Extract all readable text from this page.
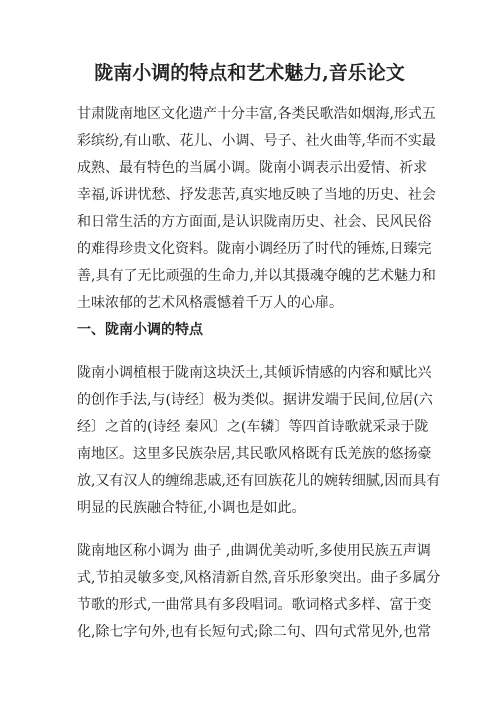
陇南小调的特点和艺术魅力,音乐论文

甘肃陇南地区文化遗产十分丰富,各类民歌浩如烟海,形式五
彩缤纷,有山歌、花儿、小调、号子、社火曲等,华而不实最
成熟、最有特色的当属小调。陇南小调表示出爱情、祈求
幸福,诉讲忧愁、抒发悲苦,真实地反映了当地的历史、社会
和日常生活的方方面面,是认识陇南历史、社会、民风民俗
的难得珍贵文化资料。陇南小调经历了时代的锤炼,日臻完
善,具有了无比顽强的生命力,并以其摄魂夺魄的艺术魅力和
土味浓郁的艺术风格震憾着千万人的心扉。

一、陇南小调的特点

陇南小调植根于陇南这块沃土,其倾诉情感的内容和赋比兴
的创作手法,与(诗经〕极为类似。据讲发端于民间,位居(六
经〕之首的(诗经 秦风〕之(车辚〕等四首诗歌就采录于陇
南地区。这里多民族杂居,其民歌风格既有氐羌族的悠扬豪
放,又有汉人的缠绵悲戚,还有回族花儿的婉转细腻,因而具有
明显的民族融合特征,小调也是如此。

陇南地区称小调为 曲子 ,曲调优美动听,多使用民族五声调
式,节拍灵敏多变,风格清新自然,音乐形象突出。曲子多属分
节歌的形式,一曲常具有多段唱词。歌词格式多样、富于变
化,除七字句外,也有长短句式;除二句、四句式常见外,也常
